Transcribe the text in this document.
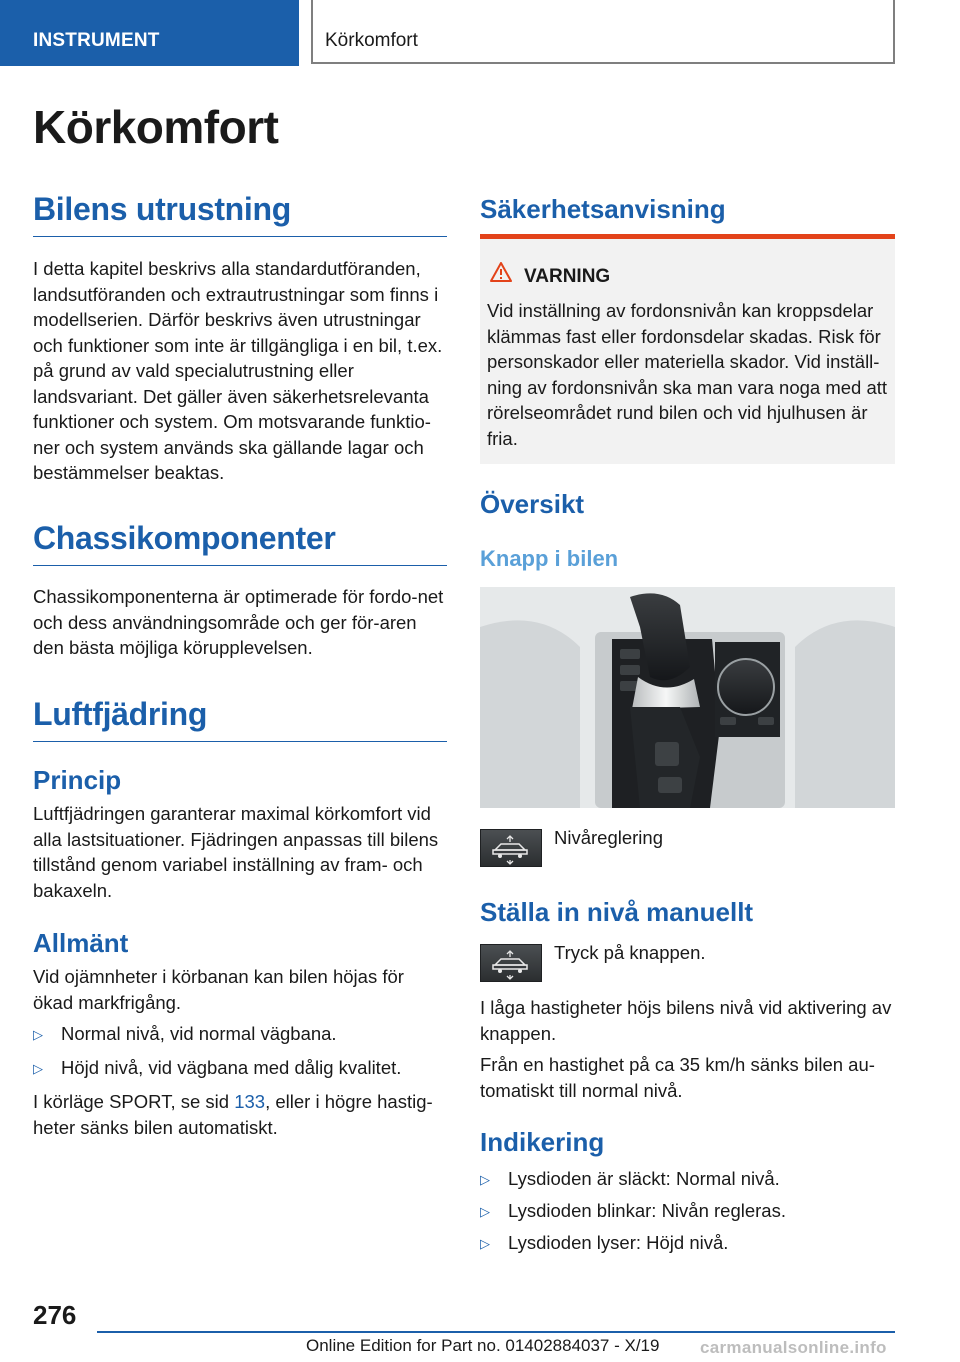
INSTRUMENT	Körkomfort
Körkomfort
Bilens utrustning

I detta kapitel beskrivs alla standardutföranden, landsutföranden och extrautrustningar som finns i modellserien. Därför beskrivs även utrustningar och funktioner som inte är tillgängliga i en bil, t.ex. på grund av vald specialutrustning eller landsvariant. Det gäller även säkerhetsrelevanta funktioner och system. Om motsvarande funktio-ner och system används ska gällande lagar och bestämmelser beaktas.

Chassikomponenter

Chassikomponenterna är optimerade för fordo-net och dess användningsområde och ger för-aren den bästa möjliga körupplevelsen.

Luftfjädring
Princip

Luftfjädringen garanterar maximal körkomfort vid alla lastsituationer. Fjädringen anpassas till bilens tillstånd genom variabel inställning av fram- och bakaxeln.

Allmänt

Vid ojämnheter i körbanan kan bilen höjas för ökad markfrigång.

▷ Normal nivå, vid normal vägbana.
▷ Höjd nivå, vid vägbana med dålig kvalitet.

I körläge SPORT, se sid 133, eller i högre hastig-heter sänks bilen automatiskt.

Säkerhetsanvisning
VARNING

Vid inställning av fordonsnivån kan kroppsdelar klämmas fast eller fordonsdelar skadas. Risk för personskador eller materiella skador. Vid inställ-ning av fordonsnivån ska man vara noga med att rörelseområdet rund bilen och vid hjulhusen är fria.

Översikt
Knapp i bilen
Nivåreglering
Ställa in nivå manuellt
Tryck på knappen.

I låga hastigheter höjs bilens nivå vid aktivering av knappen.

Från en hastighet på ca 35 km/h sänks bilen au-tomatiskt till normal nivå.

Indikering
▷ Lysdioden är släckt: Normal nivå.
▷ Lysdioden blinkar: Nivån regleras.
▷ Lysdioden lyser: Höjd nivå.

276

Online Edition for Part no. 01402884037 - X/19 carmanualsonline.info
